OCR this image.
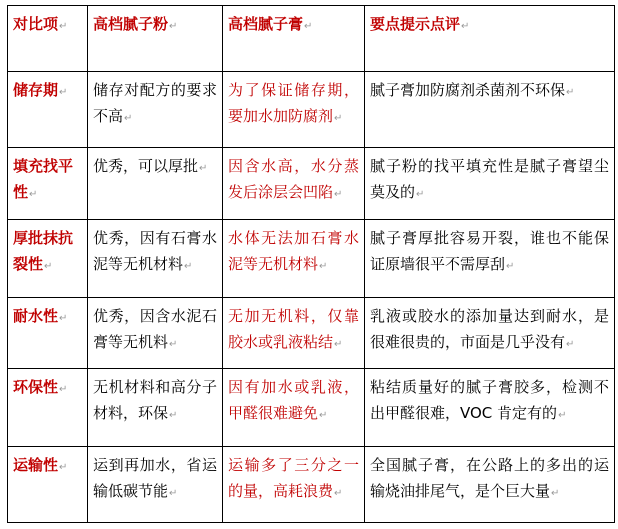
对比项↵	高档腻子粉↵	高档腻子膏↵	要点提示点评↵
储存期↵	储存对配方的要求不高↵	为了保证储存期，要加水加防腐剂↵	腻子膏加防腐剂杀菌剂不环保↵
填充找平性↵	优秀，可以厚批↵	因含水高，水分蒸发后涂层会凹陷↵	腻子粉的找平填充性是腻子膏望尘莫及的↵
厚批抹抗裂性↵	优秀，因有石膏水泥等无机材料↵	水体无法加石膏水泥等无机材料↵	腻子膏厚批容易开裂，谁也不能保证原墙很平不需厚刮↵
耐水性↵	优秀，因含水泥石膏等无机料↵	无加无机料，仅靠胶水或乳液粘结↵	乳液或胶水的添加量达到耐水，是很难很贵的，市面是几乎没有↵
环保性↵	无机材料和高分子材料，环保↵	因有加水或乳液，甲醛很难避免↵	粘结质量好的腻子膏胶多，检测不出甲醛很难，VOC 肯定有的↵
运输性↵	运到再加水，省运输低碳节能↵	运输多了三分之一的量，高耗浪费↵	全国腻子膏，在公路上的多出的运输烧油排尾气，是个巨大量↵
